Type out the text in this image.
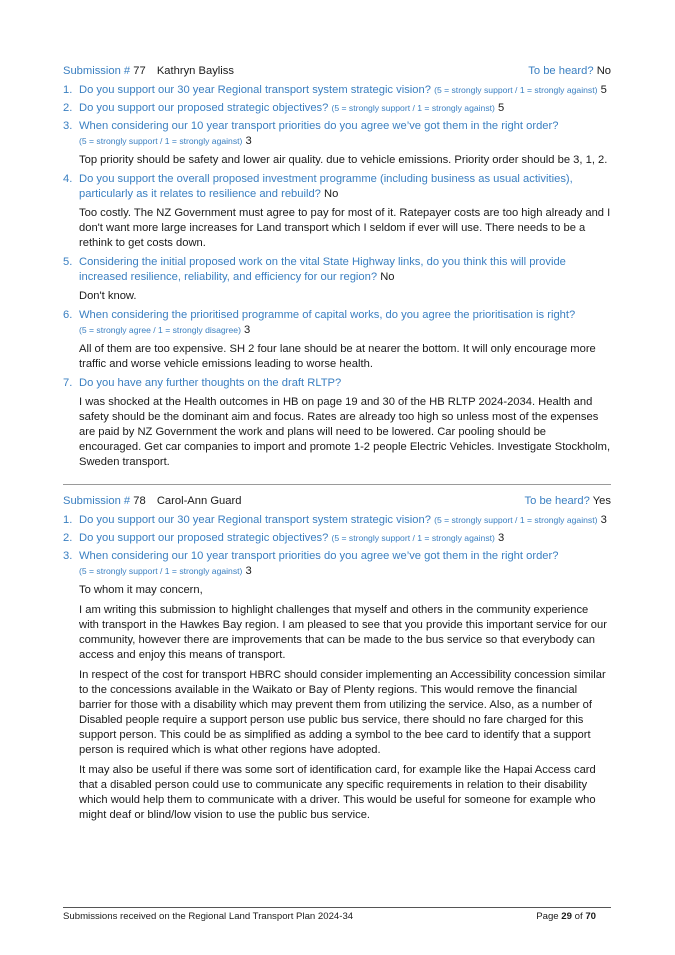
Submission # 77 Kathryn Bayliss	To be heard? No
1. Do you support our 30 year Regional transport system strategic vision? (5 = strongly support / 1 = strongly against) 5
2. Do you support our proposed strategic objectives? (5 = strongly support / 1 = strongly against) 5
3. When considering our 10 year transport priorities do you agree we’ve got them in the right order?
(5 = strongly support / 1 = strongly against) 3

Top priority should be safety and lower air quality. due to vehicle emissions. Priority order should be 3, 1, 2.

4. Do you support the overall proposed investment programme (including business as usual activities), particularly as it relates to resilience and rebuild? No

Too costly. The NZ Government must agree to pay for most of it. Ratepayer costs are too high already and I don't want more large increases for Land transport which I seldom if ever will use. There needs to be a rethink to get costs down.

5. Considering the initial proposed work on the vital State Highway links, do you think this will provide increased resilience, reliability, and efficiency for our region? No

Don't know.

6. When considering the prioritised programme of capital works, do you agree the prioritisation is right?
(5 = strongly agree / 1 = strongly disagree) 3

All of them are too expensive. SH 2 four lane should be at nearer the bottom. It will only encourage more traffic and worse vehicle emissions leading to worse health.

7. Do you have any further thoughts on the draft RLTP?

I was shocked at the Health outcomes in HB on page 19 and 30 of the HB RLTP 2024-2034. Health and safety should be the dominant aim and focus. Rates are already too high so unless most of the expenses are paid by NZ Government the work and plans will need to be lowered. Car pooling should be encouraged. Get car companies to import and promote 1-2 people Electric Vehicles. Investigate Stockholm, Sweden transport.

Submission # 78 Carol-Ann Guard	To be heard? Yes
1. Do you support our 30 year Regional transport system strategic vision? (5 = strongly support / 1 = strongly against) 3
2. Do you support our proposed strategic objectives? (5 = strongly support / 1 = strongly against) 3
3. When considering our 10 year transport priorities do you agree we’ve got them in the right order?
(5 = strongly support / 1 = strongly against) 3

To whom it may concern,

I am writing this submission to highlight challenges that myself and others in the community experience with transport in the Hawkes Bay region. I am pleased to see that you provide this important service for our community, however there are improvements that can be made to the bus service so that everybody can access and enjoy this means of transport.

In respect of the cost for transport HBRC should consider implementing an Accessibility concession similar to the concessions available in the Waikato or Bay of Plenty regions. This would remove the financial barrier for those with a disability which may prevent them from utilizing the service. Also, as a number of Disabled people require a support person use public bus service, there should no fare charged for this support person. This could be as simplified as adding a symbol to the bee card to identify that a support person is required which is what other regions have adopted.

It may also be useful if there was some sort of identification card, for example like the Hapai Access card that a disabled person could use to communicate any specific requirements in relation to their disability which would help them to communicate with a driver. This would be useful for someone for example who might deaf or blind/low vision to use the public bus service.

Submissions received on the Regional Land Transport Plan 2024-34	Page 29 of 70
